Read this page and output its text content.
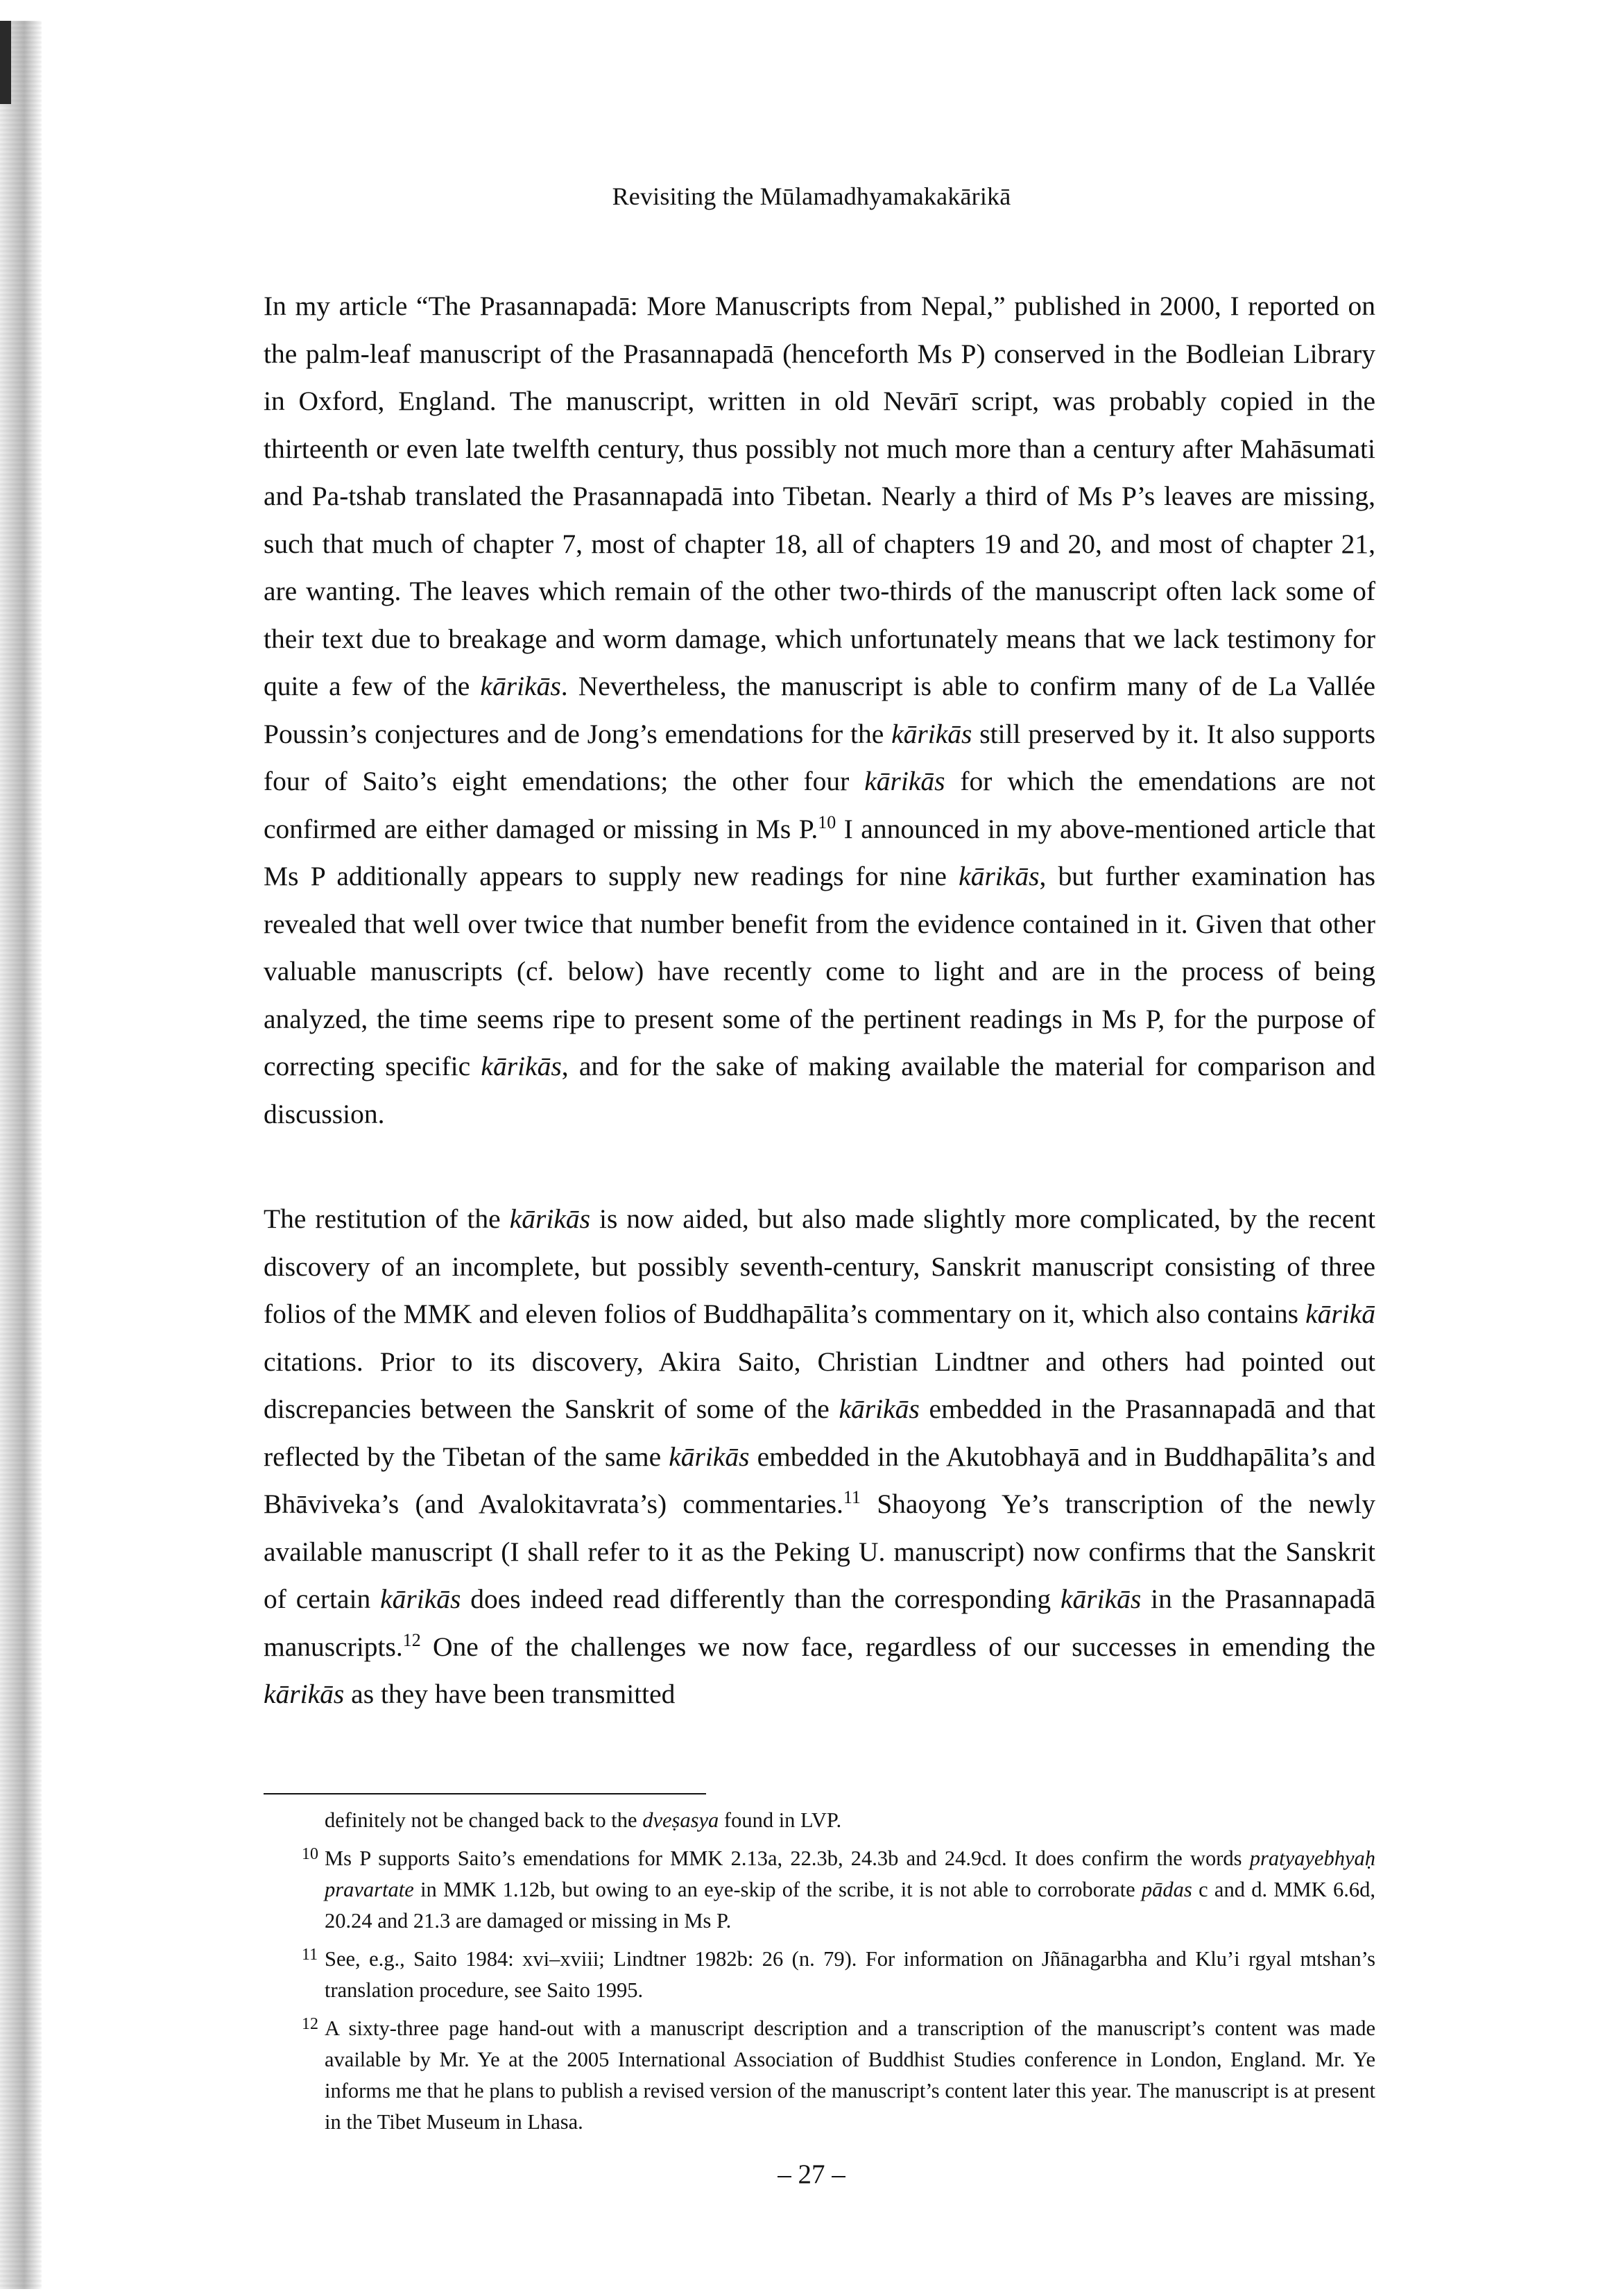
Revisiting the Mūlamadhyamakakārikā

In my article “The Prasannapadā: More Manuscripts from Nepal,” published in 2000, I reported on the palm-leaf manuscript of the Prasannapadā (henceforth Ms P) conserved in the Bodleian Library in Oxford, England. The manuscript, written in old Nevārī script, was probably copied in the thirteenth or even late twelfth century, thus possibly not much more than a century after Mahāsumati and Pa-tshab translated the Prasannapadā into Tibetan. Nearly a third of Ms P’s leaves are missing, such that much of chapter 7, most of chapter 18, all of chapters 19 and 20, and most of chapter 21, are wanting. The leaves which remain of the other two-thirds of the manuscript often lack some of their text due to breakage and worm damage, which unfortunately means that we lack testimony for quite a few of the kārikās. Nevertheless, the manuscript is able to confirm many of de La Vallée Poussin’s conjectures and de Jong’s emendations for the kārikās still preserved by it. It also supports four of Saito’s eight emendations; the other four kārikās for which the emendations are not confirmed are either damaged or missing in Ms P.$^{10}$ I announced in my above-mentioned article that Ms P additionally appears to supply new readings for nine kārikās, but further examination has revealed that well over twice that number benefit from the evidence contained in it. Given that other valuable manuscripts (cf. below) have recently come to light and are in the process of being analyzed, the time seems ripe to present some of the pertinent readings in Ms P, for the purpose of correcting specific kārikās, and for the sake of making available the material for comparison and discussion.

The restitution of the kārikās is now aided, but also made slightly more complicated, by the recent discovery of an incomplete, but possibly seventh-century, Sanskrit manuscript consisting of three folios of the MMK and eleven folios of Buddhapālita’s commentary on it, which also contains kārikā citations. Prior to its discovery, Akira Saito, Christian Lindtner and others had pointed out discrepancies between the Sanskrit of some of the kārikās embedded in the Prasannapadā and that reflected by the Tibetan of the same kārikās embedded in the Akutobhayā and in Buddhapālita’s and Bhāviveka’s (and Avalokitavrata’s) commentaries.$^{11}$ Shaoyong Ye’s transcription of the newly available manuscript (I shall refer to it as the Peking U. manuscript) now confirms that the Sanskrit of certain kārikās does indeed read differently than the corresponding kārikās in the Prasannapadā manuscripts.$^{12}$ One of the challenges we now face, regardless of our successes in emending the kārikās as they have been transmitted

definitely not be changed back to the dveṣasya found in LVP.
10 Ms P supports Saito’s emendations for MMK 2.13a, 22.3b, 24.3b and 24.9cd. It does confirm the words pratyayebhyaḥ pravartate in MMK 1.12b, but owing to an eye-skip of the scribe, it is not able to corroborate pādas c and d. MMK 6.6d, 20.24 and 21.3 are damaged or missing in Ms P.
11 See, e.g., Saito 1984: xvi–xviii; Lindtner 1982b: 26 (n. 79). For information on Jñānagarbha and Klu’i rgyal mtshan’s translation procedure, see Saito 1995.
12 A sixty-three page hand-out with a manuscript description and a transcription of the manuscript’s content was made available by Mr. Ye at the 2005 International Association of Buddhist Studies conference in London, England. Mr. Ye informs me that he plans to publish a revised version of the manuscript’s content later this year. The manuscript is at present in the Tibet Museum in Lhasa.
– 27 –
